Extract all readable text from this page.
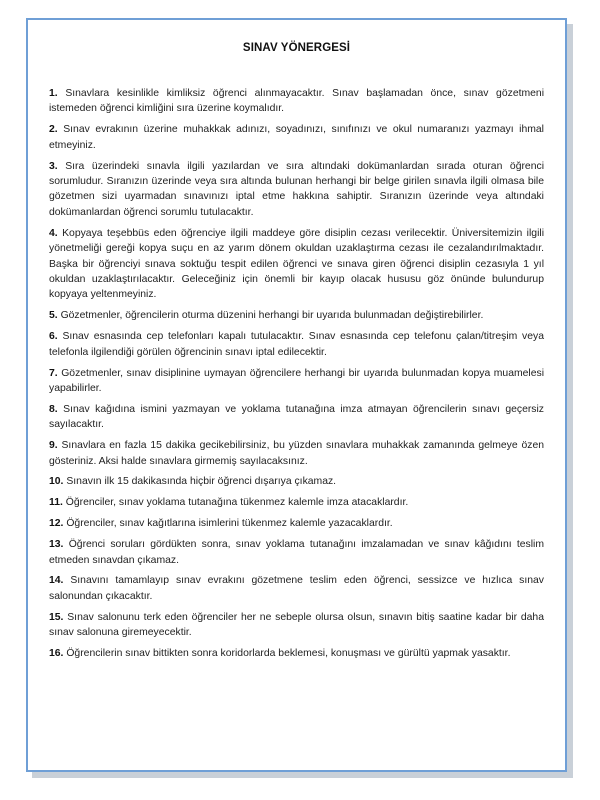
SINAV YÖNERGESİ

1. Sınavlara kesinlikle kimliksiz öğrenci alınmayacaktır. Sınav başlamadan önce, sınav gözetmeni istemeden öğrenci kimliğini sıra üzerine koymalıdır.

2. Sınav evrakının üzerine muhakkak adınızı, soyadınızı, sınıfınızı ve okul numaranızı yazmayı ihmal etmeyiniz.

3. Sıra üzerindeki sınavla ilgili yazılardan ve sıra altındaki dokümanlardan sırada oturan öğrenci sorumludur. Sıranızın üzerinde veya sıra altında bulunan herhangi bir belge girilen sınavla ilgili olmasa bile gözetmen sizi uyarmadan sınavınızı iptal etme hakkına sahiptir. Sıranızın üzerinde veya altındaki dokümanlardan öğrenci sorumlu tutulacaktır.

4. Kopyaya teşebbüs eden öğrenciye ilgili maddeye göre disiplin cezası verilecektir. Üniversitemizin ilgili yönetmeliği gereği kopya suçu en az yarım dönem okuldan uzaklaştırma cezası ile cezalandırılmaktadır. Başka bir öğrenciyi sınava soktuğu tespit edilen öğrenci ve sınava giren öğrenci disiplin cezasıyla 1 yıl okuldan uzaklaştırılacaktır. Geleceğiniz için önemli bir kayıp olacak hususu göz önünde bulundurup kopyaya yeltenmeyiniz.

5. Gözetmenler, öğrencilerin oturma düzenini herhangi bir uyarıda bulunmadan değiştirebilirler.

6. Sınav esnasında cep telefonları kapalı tutulacaktır. Sınav esnasında cep telefonu çalan/titreşim veya telefonla ilgilendiği görülen öğrencinin sınavı iptal edilecektir.

7. Gözetmenler, sınav disiplinine uymayan öğrencilere herhangi bir uyarıda bulunmadan kopya muamelesi yapabilirler.

8. Sınav kağıdına ismini yazmayan ve yoklama tutanağına imza atmayan öğrencilerin sınavı geçersiz sayılacaktır.

9. Sınavlara en fazla 15 dakika gecikebilirsiniz, bu yüzden sınavlara muhakkak zamanında gelmeye özen gösteriniz. Aksi halde sınavlara girmemiş sayılacaksınız.

10. Sınavın ilk 15 dakikasında hiçbir öğrenci dışarıya çıkamaz.

11. Öğrenciler, sınav yoklama tutanağına tükenmez kalemle imza atacaklardır.

12. Öğrenciler, sınav kağıtlarına isimlerini tükenmez kalemle yazacaklardır.

13. Öğrenci soruları gördükten sonra, sınav yoklama tutanağını imzalamadan ve sınav kâğıdını teslim etmeden sınavdan çıkamaz.

14. Sınavını tamamlayıp sınav evrakını gözetmene teslim eden öğrenci, sessizce ve hızlıca sınav salonundan çıkacaktır.

15. Sınav salonunu terk eden öğrenciler her ne sebeple olursa olsun, sınavın bitiş saatine kadar bir daha sınav salonuna giremeyecektir.

16. Öğrencilerin sınav bittikten sonra koridorlarda beklemesi, konuşması ve gürültü yapmak yasaktır.
